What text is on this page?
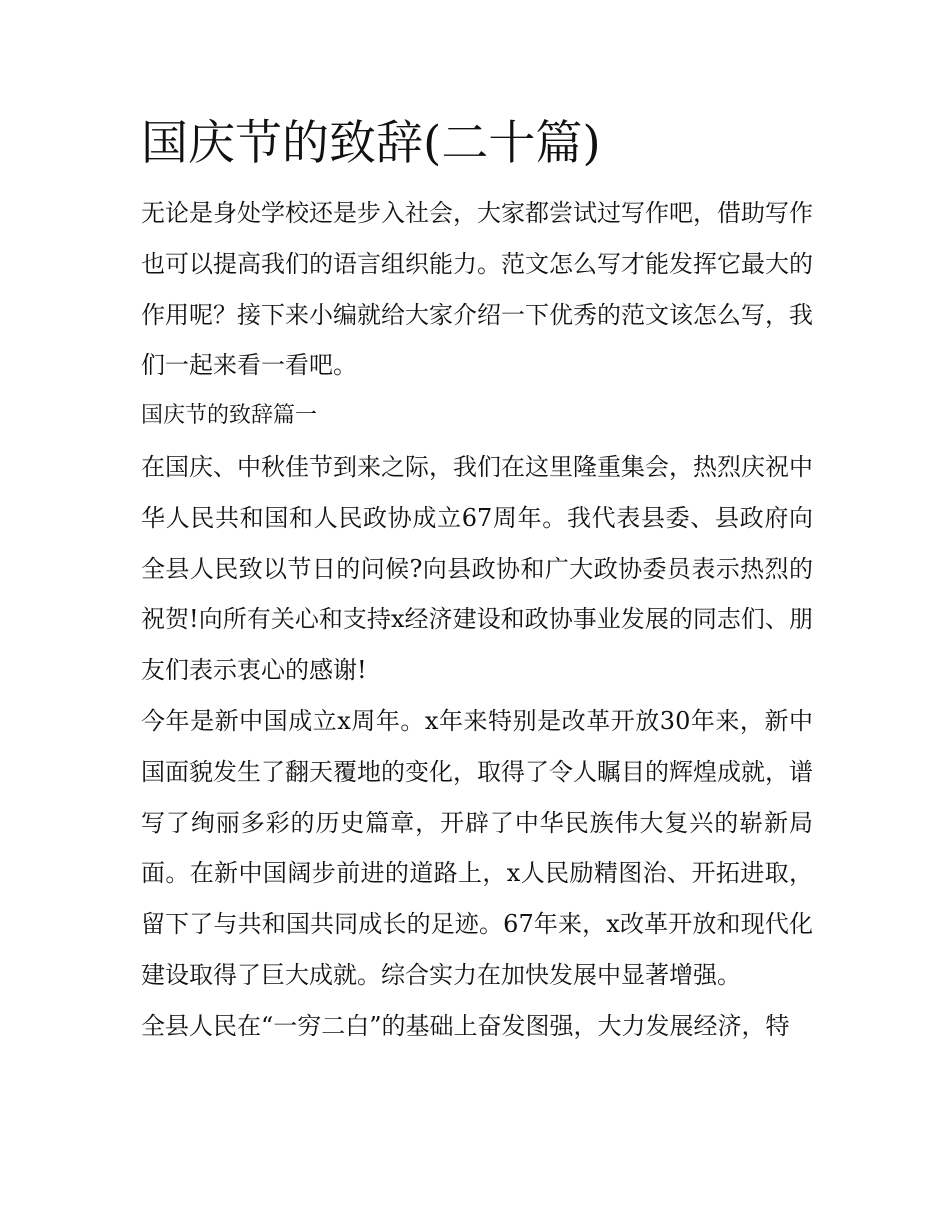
国庆节的致辞(二十篇)

无论是身处学校还是步入社会，大家都尝试过写作吧，借助写作也可以提高我们的语言组织能力。范文怎么写才能发挥它最大的作用呢？接下来小编就给大家介绍一下优秀的范文该怎么写，我们一起来看一看吧。

国庆节的致辞篇一

在国庆、中秋佳节到来之际，我们在这里隆重集会，热烈庆祝中华人民共和国和人民政协成立67周年。我代表县委、县政府向全县人民致以节日的问候?向县政协和广大政协委员表示热烈的祝贺!向所有关心和支持x经济建设和政协事业发展的同志们、朋友们表示衷心的感谢!

今年是新中国成立x周年。x年来特别是改革开放30年来，新中国面貌发生了翻天覆地的变化，取得了令人瞩目的辉煌成就，谱写了绚丽多彩的历史篇章，开辟了中华民族伟大复兴的崭新局面。在新中国阔步前进的道路上，x人民励精图治、开拓进取，留下了与共和国共同成长的足迹。67年来，x改革开放和现代化建设取得了巨大成就。综合实力在加快发展中显著增强。

全县人民在“一穷二白”的基础上奋发图强，大力发展经济，特
